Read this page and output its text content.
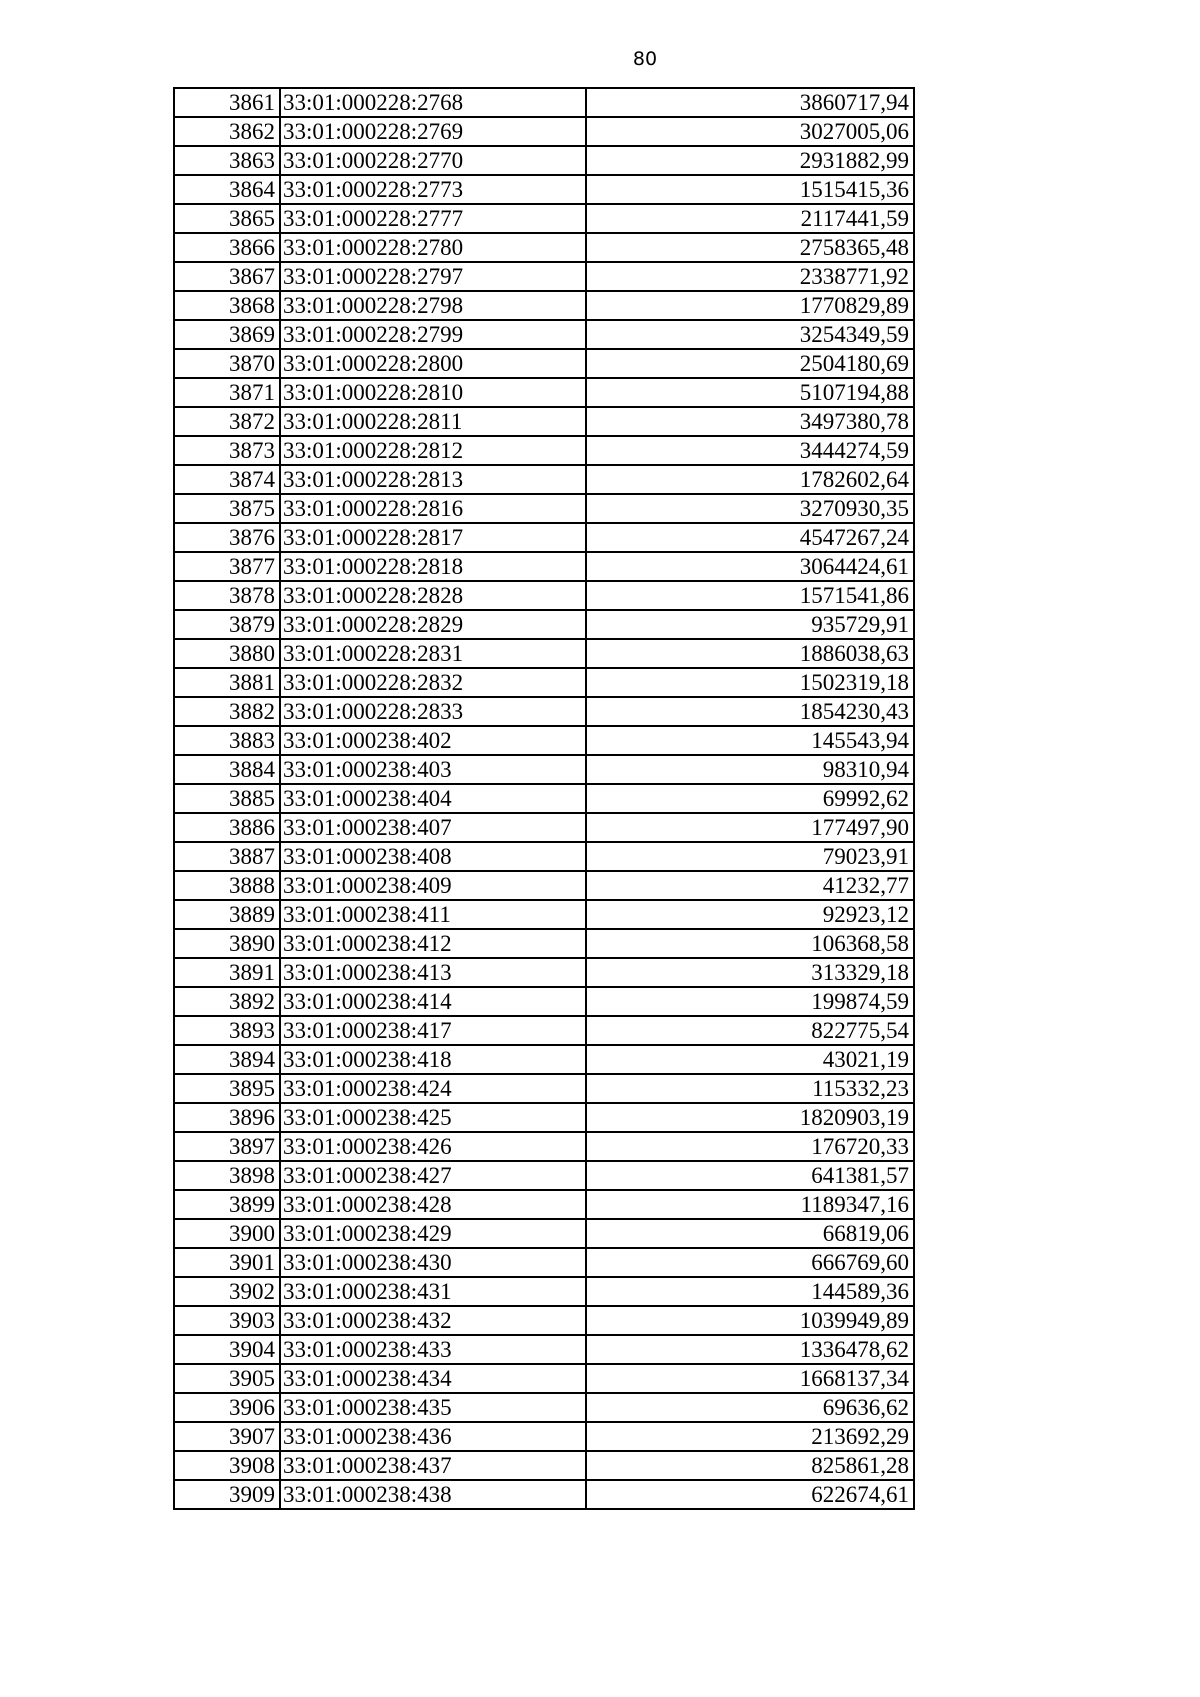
80
3861	33:01:000228:2768	3860717,94
3862	33:01:000228:2769	3027005,06
3863	33:01:000228:2770	2931882,99
3864	33:01:000228:2773	1515415,36
3865	33:01:000228:2777	2117441,59
3866	33:01:000228:2780	2758365,48
3867	33:01:000228:2797	2338771,92
3868	33:01:000228:2798	1770829,89
3869	33:01:000228:2799	3254349,59
3870	33:01:000228:2800	2504180,69
3871	33:01:000228:2810	5107194,88
3872	33:01:000228:2811	3497380,78
3873	33:01:000228:2812	3444274,59
3874	33:01:000228:2813	1782602,64
3875	33:01:000228:2816	3270930,35
3876	33:01:000228:2817	4547267,24
3877	33:01:000228:2818	3064424,61
3878	33:01:000228:2828	1571541,86
3879	33:01:000228:2829	935729,91
3880	33:01:000228:2831	1886038,63
3881	33:01:000228:2832	1502319,18
3882	33:01:000228:2833	1854230,43
3883	33:01:000238:402	145543,94
3884	33:01:000238:403	98310,94
3885	33:01:000238:404	69992,62
3886	33:01:000238:407	177497,90
3887	33:01:000238:408	79023,91
3888	33:01:000238:409	41232,77
3889	33:01:000238:411	92923,12
3890	33:01:000238:412	106368,58
3891	33:01:000238:413	313329,18
3892	33:01:000238:414	199874,59
3893	33:01:000238:417	822775,54
3894	33:01:000238:418	43021,19
3895	33:01:000238:424	115332,23
3896	33:01:000238:425	1820903,19
3897	33:01:000238:426	176720,33
3898	33:01:000238:427	641381,57
3899	33:01:000238:428	1189347,16
3900	33:01:000238:429	66819,06
3901	33:01:000238:430	666769,60
3902	33:01:000238:431	144589,36
3903	33:01:000238:432	1039949,89
3904	33:01:000238:433	1336478,62
3905	33:01:000238:434	1668137,34
3906	33:01:000238:435	69636,62
3907	33:01:000238:436	213692,29
3908	33:01:000238:437	825861,28
3909	33:01:000238:438	622674,61
